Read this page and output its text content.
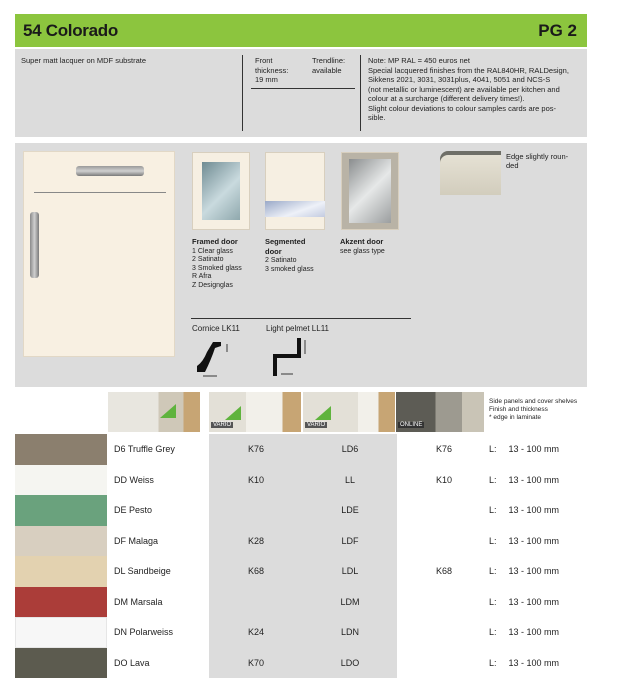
54 Colorado	PG 2
Super matt lacquer on MDF substrate	Front thickness:
19 mm
Trendline:
available
Note: MP RAL = 450 euros net
Special lacquered finishes from the RAL840HR, RALDesign,
Sikkens 2021, 3031, 3031plus, 4041, 5051 and NCS-S
(not metallic or luminescent) are available per kitchen and
colour at a surcharge (different delivery times!).
Slight colour deviations to colour samples cards are pos-
sible.
Framed door
1 Clear glass
2 Satinato
3 Smoked glass
R Afra
Z Designglas
Segmented
door
2 Satinato
3 smoked glass
Akzent door
see glass type
Edge slightly roun-
ded
Cornice LK11	Light pelmet LL11
VARIO	VARIO	ONLINE
Side panels and cover shelves
Finish and thickness
* edge in laminate
D6 Truffle Grey	K76	LD6	K76	L: 13 - 100 mm
DD Weiss	K10	LL	K10	L: 13 - 100 mm
DE Pesto	LDE	L: 13 - 100 mm
DF Malaga	K28	LDF	L: 13 - 100 mm
DL Sandbeige	K68	LDL	K68	L: 13 - 100 mm
DM Marsala	LDM	L: 13 - 100 mm
DN Polarweiss	K24	LDN	L: 13 - 100 mm
DO Lava	K70	LDO	L: 13 - 100 mm
